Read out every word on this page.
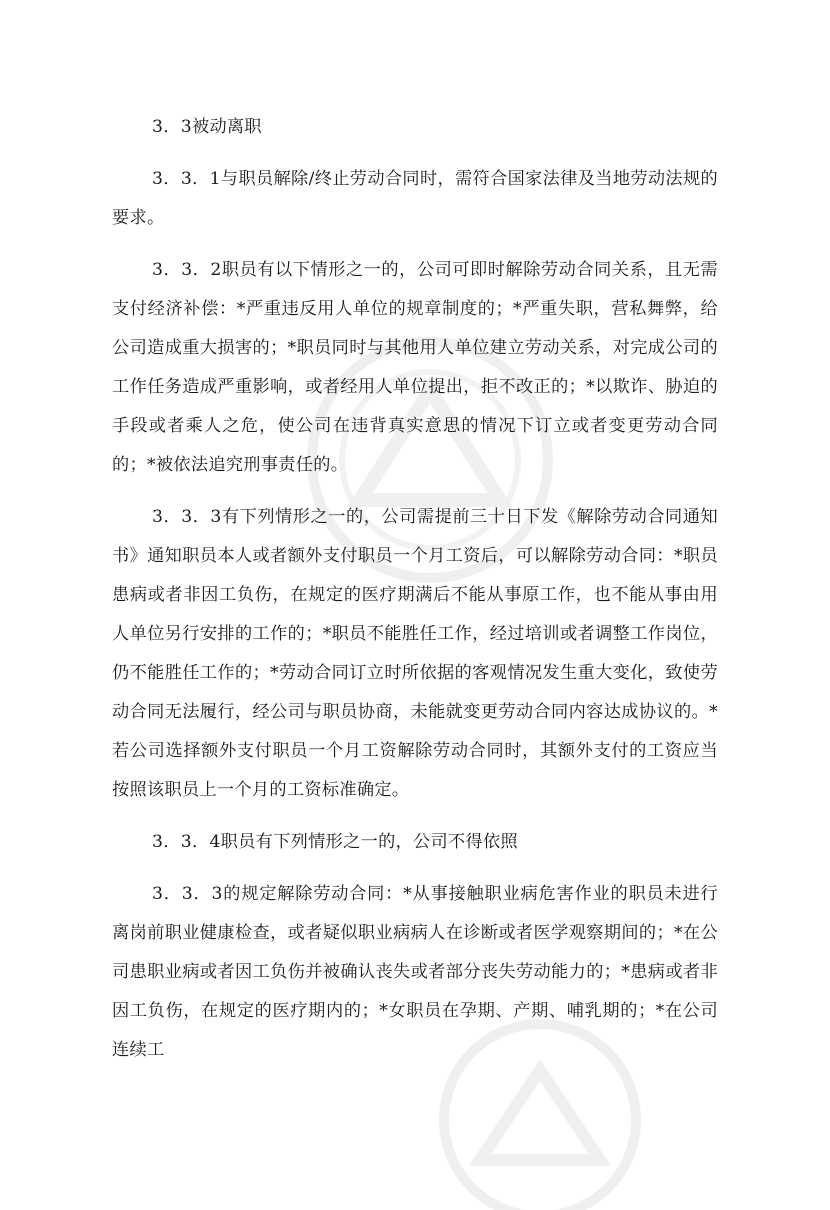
3．3被动离职

3．3．1与职员解除/终止劳动合同时，需符合国家法律及当地劳动法规的要求。

3．3．2职员有以下情形之一的，公司可即时解除劳动合同关系，且无需支付经济补偿：*严重违反用人单位的规章制度的；*严重失职，营私舞弊，给公司造成重大损害的；*职员同时与其他用人单位建立劳动关系，对完成公司的工作任务造成严重影响，或者经用人单位提出，拒不改正的；*以欺诈、胁迫的手段或者乘人之危，使公司在违背真实意思的情况下订立或者变更劳动合同的；*被依法追究刑事责任的。

3．3．3有下列情形之一的，公司需提前三十日下发《解除劳动合同通知书》通知职员本人或者额外支付职员一个月工资后，可以解除劳动合同：*职员患病或者非因工负伤，在规定的医疗期满后不能从事原工作，也不能从事由用人单位另行安排的工作的；*职员不能胜任工作，经过培训或者调整工作岗位，仍不能胜任工作的；*劳动合同订立时所依据的客观情况发生重大变化，致使劳动合同无法履行，经公司与职员协商，未能就变更劳动合同内容达成协议的。*若公司选择额外支付职员一个月工资解除劳动合同时，其额外支付的工资应当按照该职员上一个月的工资标准确定。

3．3．4职员有下列情形之一的，公司不得依照

3．3．3的规定解除劳动合同：*从事接触职业病危害作业的职员未进行离岗前职业健康检查，或者疑似职业病病人在诊断或者医学观察期间的；*在公司患职业病或者因工负伤并被确认丧失或者部分丧失劳动能力的；*患病或者非因工负伤，在规定的医疗期内的；*女职员在孕期、产期、哺乳期的；*在公司连续工
